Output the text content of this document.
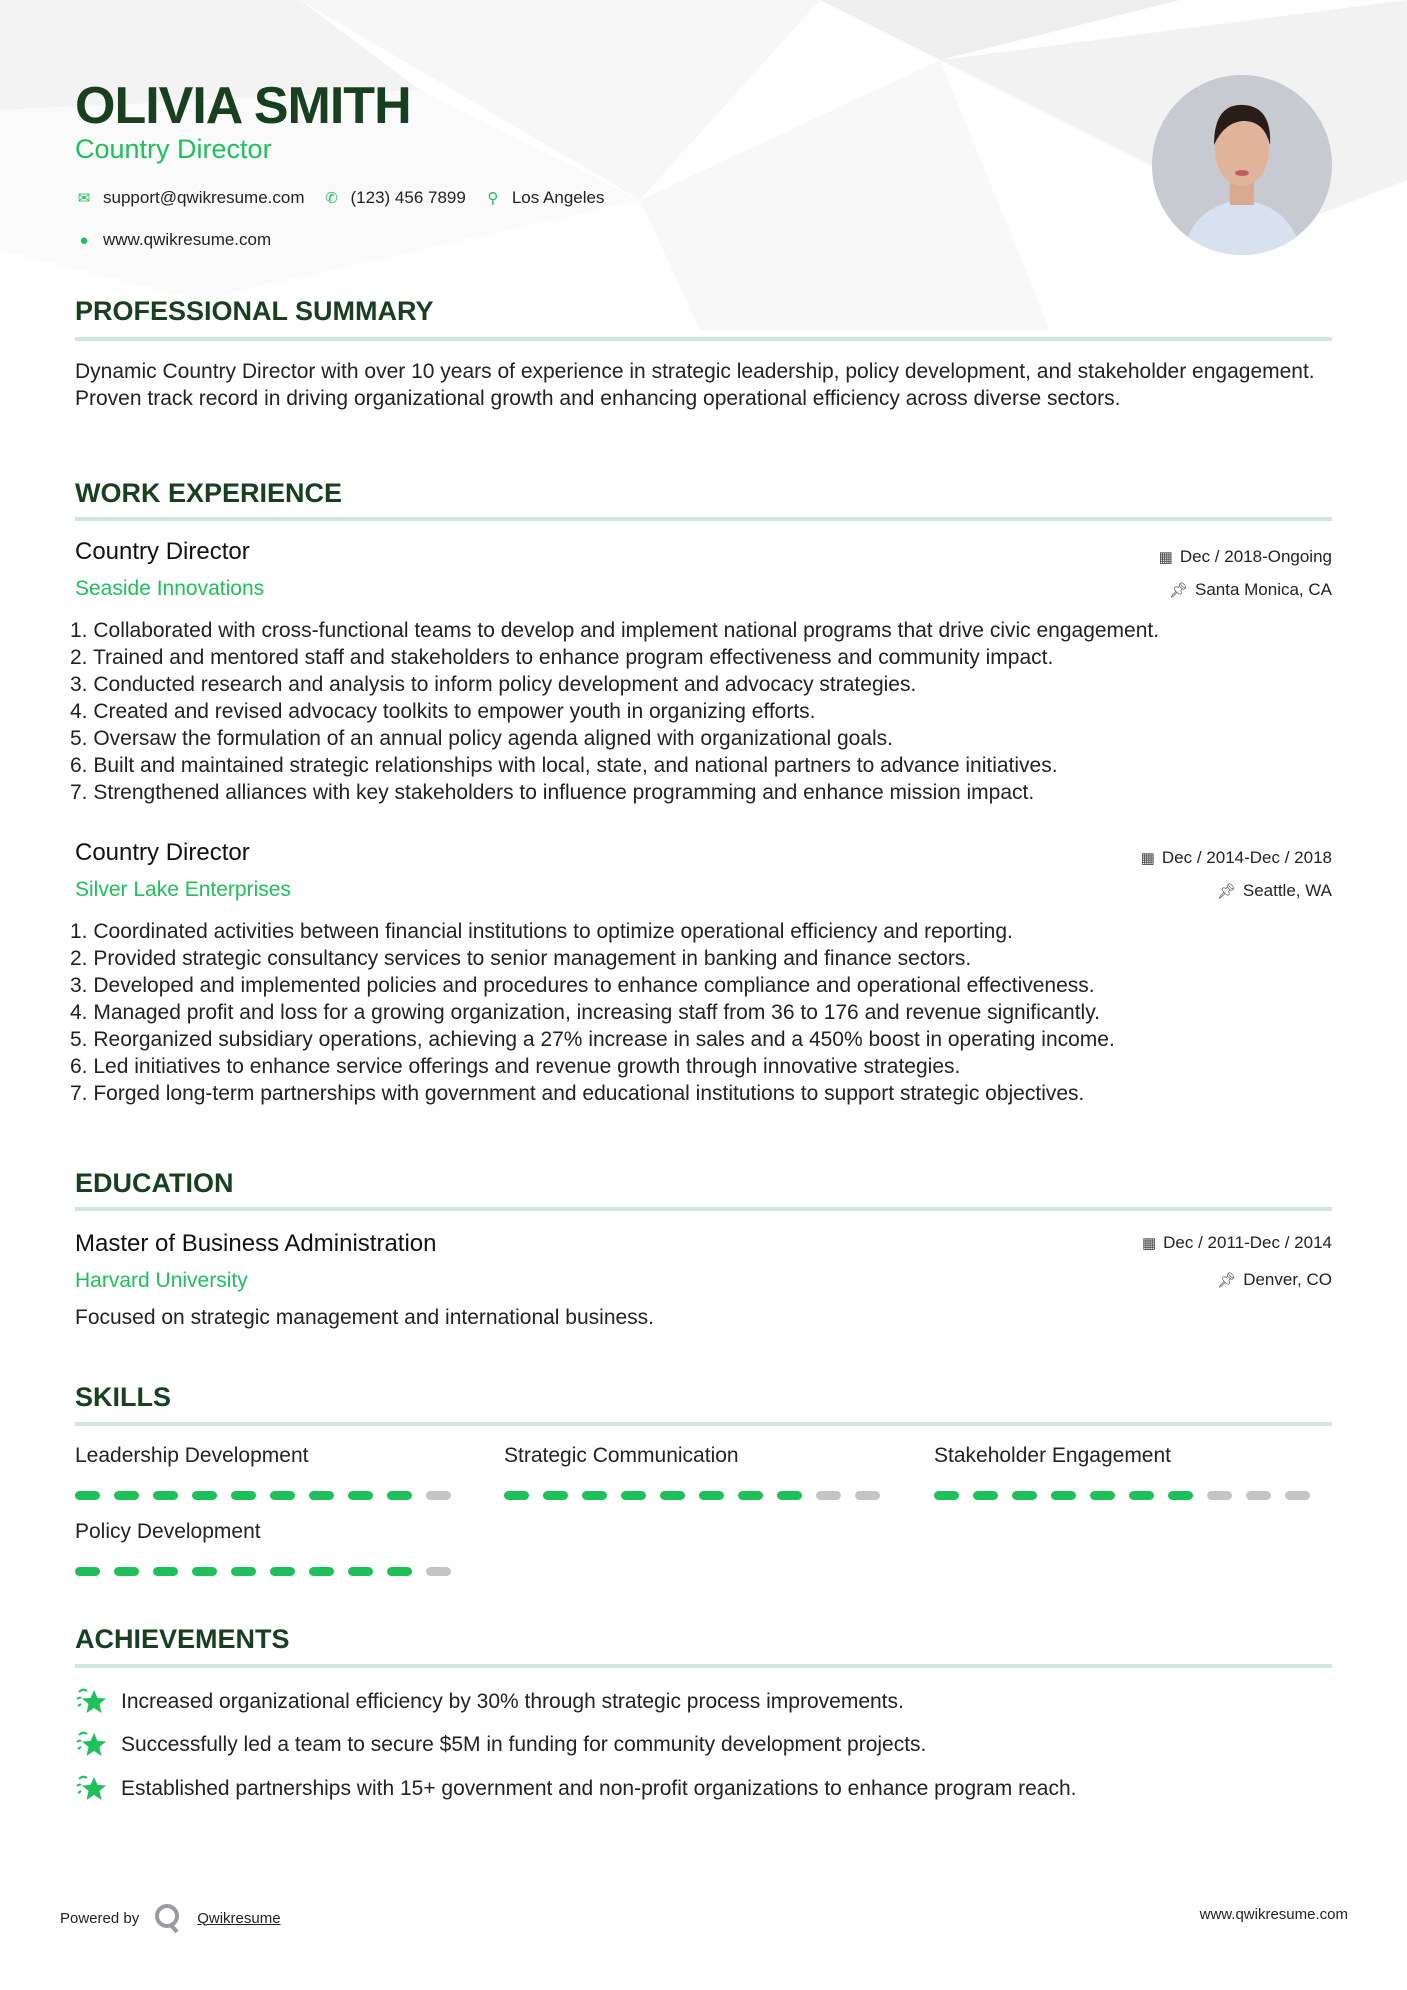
OLIVIA SMITH
Country Director
✉ support@qwikresume.com ✆ (123) 456 7899 ⚲ Los Angeles
● www.qwikresume.com
PROFESSIONAL SUMMARY
Dynamic Country Director with over 10 years of experience in strategic leadership, policy development, and stakeholder engagement. Proven track record in driving organizational growth and enhancing operational efficiency across diverse sectors.
WORK EXPERIENCE
Country Director
Seaside Innovations
▦ Dec / 2018-Ongoing
📌︎ Santa Monica, CA
1. Collaborated with cross-functional teams to develop and implement national programs that drive civic engagement.
2. Trained and mentored staff and stakeholders to enhance program effectiveness and community impact.
3. Conducted research and analysis to inform policy development and advocacy strategies.
4. Created and revised advocacy toolkits to empower youth in organizing efforts.
5. Oversaw the formulation of an annual policy agenda aligned with organizational goals.
6. Built and maintained strategic relationships with local, state, and national partners to advance initiatives.
7. Strengthened alliances with key stakeholders to influence programming and enhance mission impact.
Country Director
Silver Lake Enterprises
▦ Dec / 2014-Dec / 2018
📌︎ Seattle, WA
1. Coordinated activities between financial institutions to optimize operational efficiency and reporting.
2. Provided strategic consultancy services to senior management in banking and finance sectors.
3. Developed and implemented policies and procedures to enhance compliance and operational effectiveness.
4. Managed profit and loss for a growing organization, increasing staff from 36 to 176 and revenue significantly.
5. Reorganized subsidiary operations, achieving a 27% increase in sales and a 450% boost in operating income.
6. Led initiatives to enhance service offerings and revenue growth through innovative strategies.
7. Forged long-term partnerships with government and educational institutions to support strategic objectives.
EDUCATION
Master of Business Administration
Harvard University
▦ Dec / 2011-Dec / 2014
📌︎ Denver, CO
Focused on strategic management and international business.
SKILLS
Leadership Development	Strategic Communication	Stakeholder Engagement
Policy Development
ACHIEVEMENTS
Increased organizational efficiency by 30% through strategic process improvements.
Successfully led a team to secure $5M in funding for community development projects.
Established partnerships with 15+ government and non-profit organizations to enhance program reach.
Powered by	Qwikresume	www.qwikresume.com
